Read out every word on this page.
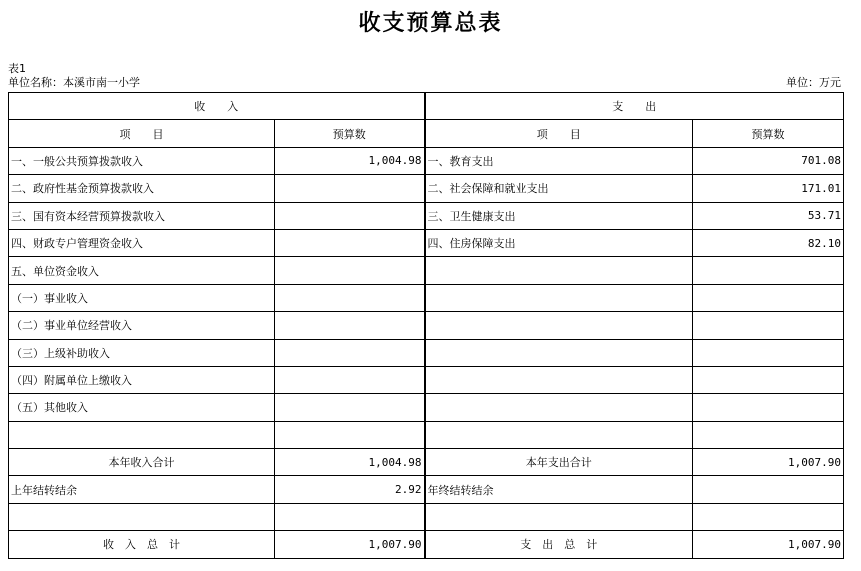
收支预算总表
表1
单位名称：本溪市南一小学	单位：万元
收　　入		支　　出	
项　　目	预算数	项　　目	预算数
一、一般公共预算拨款收入	1,004.98	一、教育支出	701.08
二、政府性基金预算拨款收入		二、社会保障和就业支出	171.01
三、国有资本经营预算拨款收入		三、卫生健康支出	53.71
四、财政专户管理资金收入		四、住房保障支出	82.10
五、单位资金收入			
（一）事业收入			
（二）事业单位经营收入			
（三）上级补助收入			
（四）附属单位上缴收入			
（五）其他收入			

本年收入合计	1,004.98	本年支出合计	1,007.90
上年结转结余	2.92	年终结转结余	

收　入　总　计	1,007.90	支　出　总　计	1,007.90
